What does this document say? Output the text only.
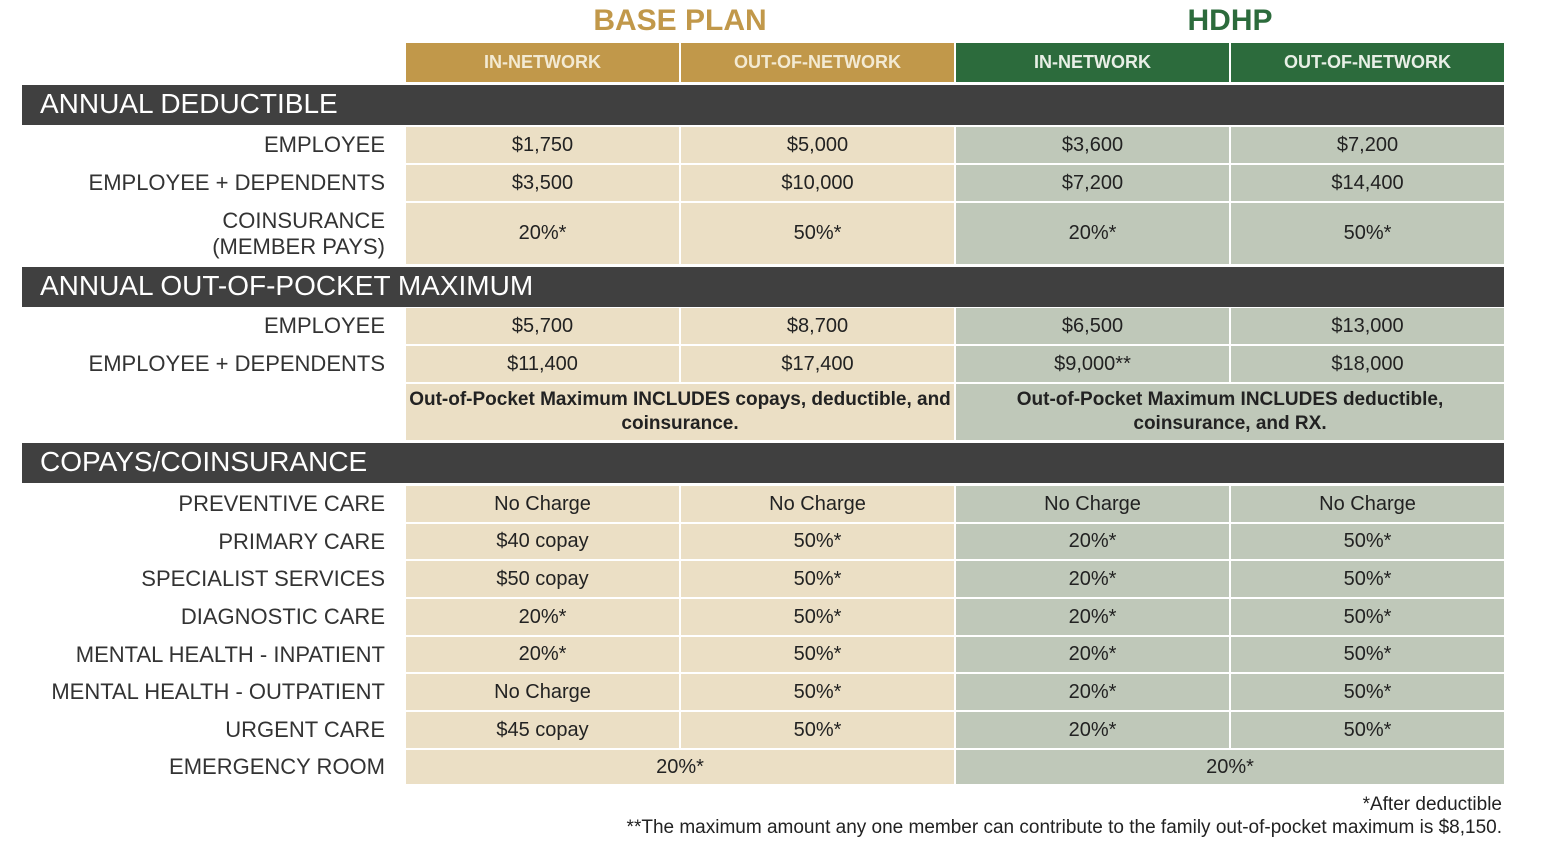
BASE PLAN	HDHP
IN-NETWORK	OUT-OF-NETWORK	IN-NETWORK	OUT-OF-NETWORK
ANNUAL DEDUCTIBLE
EMPLOYEE	$1,750	$5,000	$3,600	$7,200
EMPLOYEE + DEPENDENTS	$3,500	$10,000	$7,200	$14,400
COINSURANCE
(MEMBER PAYS)
20%*	50%*	20%*	50%*
ANNUAL OUT-OF-POCKET MAXIMUM
EMPLOYEE	$5,700	$8,700	$6,500	$13,000
EMPLOYEE + DEPENDENTS	$11,400	$17,400	$9,000**	$18,000
Out-of-Pocket Maximum INCLUDES copays, deductible, and coinsurance.
Out-of-Pocket Maximum INCLUDES deductible, coinsurance, and RX.
COPAYS/COINSURANCE
PREVENTIVE CARE	No Charge	No Charge	No Charge	No Charge
PRIMARY CARE	$40 copay	50%*	20%*	50%*
SPECIALIST SERVICES	$50 copay	50%*	20%*	50%*
DIAGNOSTIC CARE	20%*	50%*	20%*	50%*
MENTAL HEALTH - INPATIENT	20%*	50%*	20%*	50%*
MENTAL HEALTH - OUTPATIENT	No Charge	50%*	20%*	50%*
URGENT CARE	$45 copay	50%*	20%*	50%*
EMERGENCY ROOM	20%*	20%*
*After deductible
**The maximum amount any one member can contribute to the family out-of-pocket maximum is $8,150.
